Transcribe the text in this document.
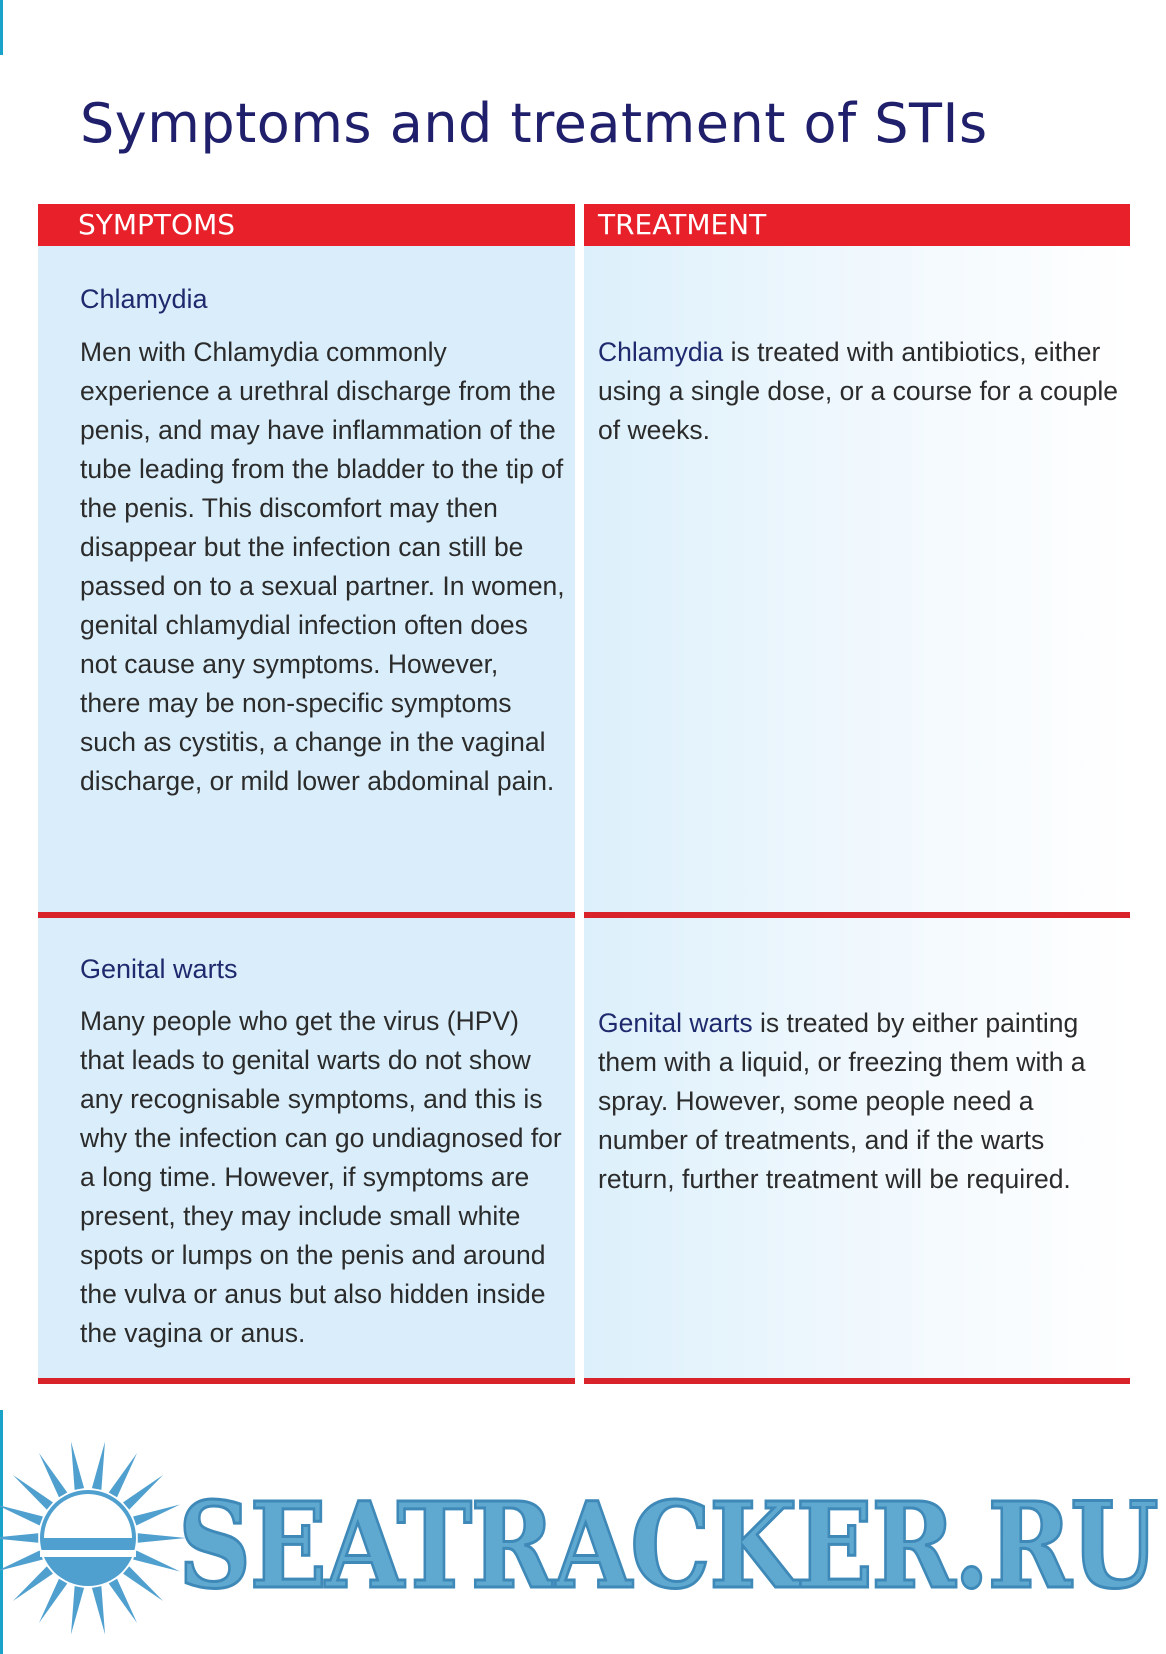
Symptoms and treatment of STIs
SYMPTOMS	TREATMENT
Chlamydia

Men with Chlamydia commonly experience a urethral discharge from the penis, and may have inflammation of the tube leading from the bladder to the tip of the penis. This discomfort may then disappear but the infection can still be passed on to a sexual partner. In women, genital chlamydial infection often does not cause any symptoms. However, there may be non-specific symptoms such as cystitis, a change in the vaginal discharge, or mild lower abdominal pain.

Chlamydia is treated with antibiotics, either using a single dose, or a course for a couple of weeks.

Genital warts

Many people who get the virus (HPV) that leads to genital warts do not show any recognisable symptoms, and this is why the infection can go undiagnosed for a long time. However, if symptoms are present, they may include small white spots or lumps on the penis and around the vulva or anus but also hidden inside the vagina or anus.

Genital warts is treated by either painting them with a liquid, or freezing them with a spray. However, some people need a number of treatments, and if the warts return, further treatment will be required.

SEATRACKER.RU
